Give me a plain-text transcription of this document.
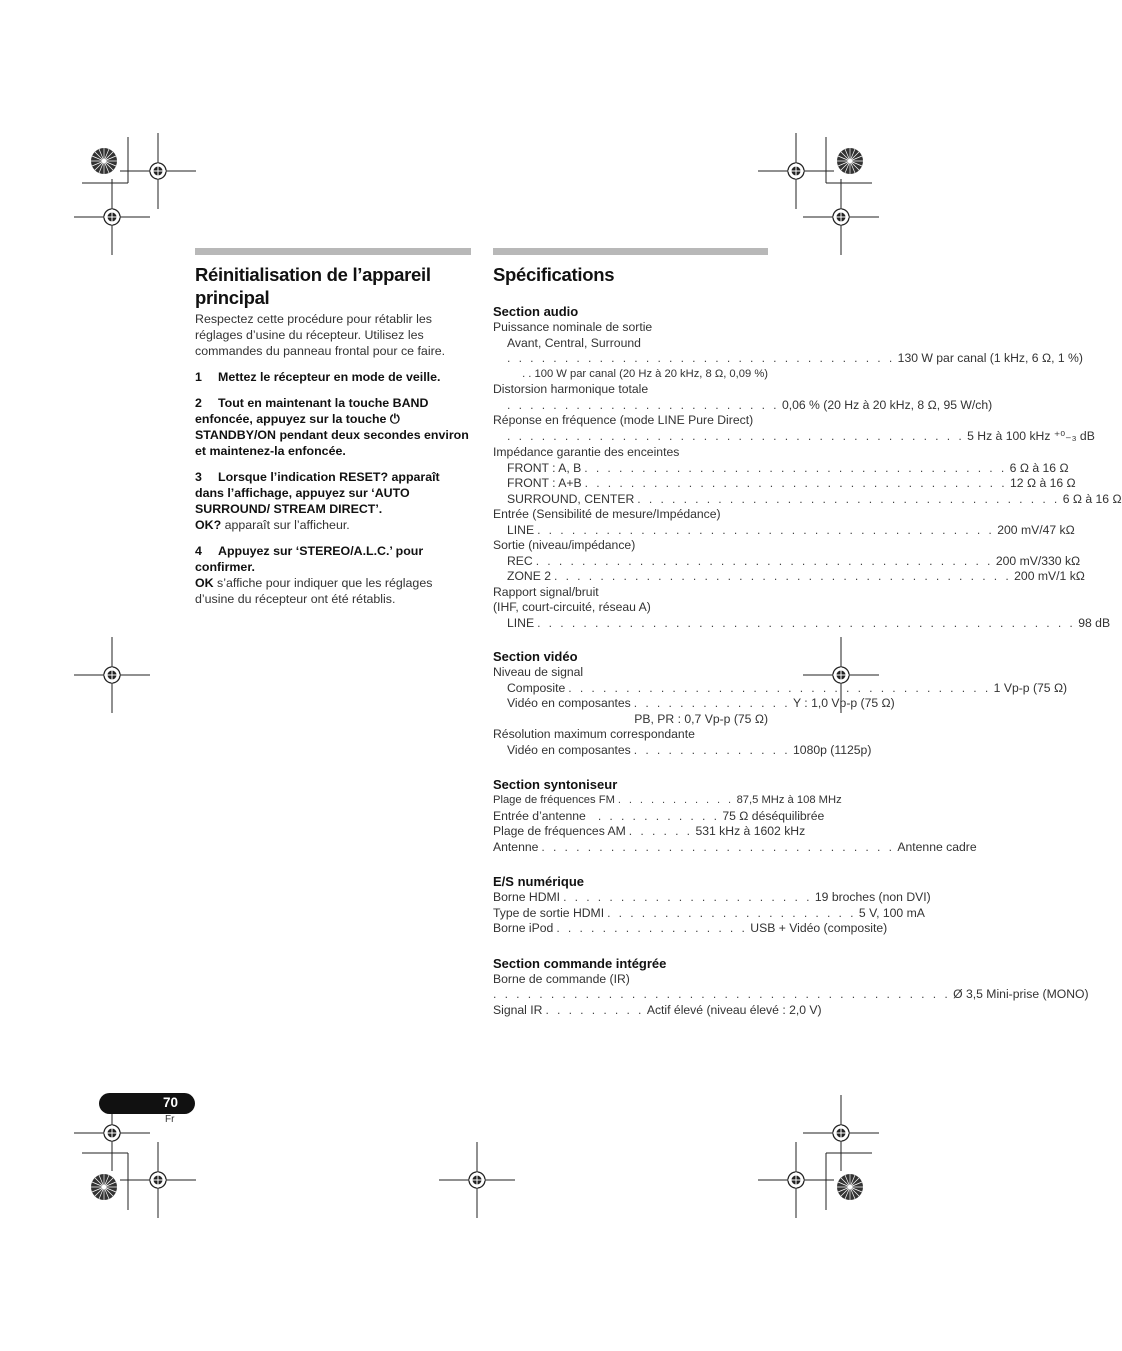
Réinitialisation de l’appareil principal

Respectez cette procédure pour rétablir les réglages d’usine du récepteur. Utilisez les commandes du panneau frontal pour ce faire.

1 Mettez le récepteur en mode de veille.

2 Tout en maintenant la touche BAND enfoncée, appuyez sur la touche ⏻ STANDBY/ON pendant deux secondes environ et maintenez-la enfoncée.

3 Lorsque l’indication RESET? apparaît dans l’affichage, appuyez sur ‘AUTO SURROUND/ STREAM DIRECT’.

OK? apparaît sur l’afficheur.

4 Appuyez sur ‘STEREO/A.L.C.’ pour confirmer.

OK s’affiche pour indiquer que les réglages d’usine du récepteur ont été rétablis.

Spécifications
Section audio
Puissance nominale de sortie
Avant, Central, Surround
. . . . . . . . . . . . . . . . . . . . . . . . . . . . . . . . . . 130 W par canal (1 kHz, 6 Ω, 1 %)
. . 100 W par canal (20 Hz à 20 kHz, 8 Ω, 0,09 %)
Distorsion harmonique totale
. . . . . . . . . . . . . . . . . . . . . . . . 0,06 % (20 Hz à 20 kHz, 8 Ω, 95 W/ch)
Réponse en fréquence (mode LINE Pure Direct)
. . . . . . . . . . . . . . . . . . . . . . . . . . . . . . . . . . . . . . . . 5 Hz à 100 kHz ⁺⁰₋₃ dB
Impédance garantie des enceintes
FRONT : A, B . . . . . . . . . . . . . . . . . . . . . . . . . . . . . . . . . . . . . 6 Ω à 16 Ω
FRONT : A+B . . . . . . . . . . . . . . . . . . . . . . . . . . . . . . . . . . . . . 12 Ω à 16 Ω
SURROUND, CENTER . . . . . . . . . . . . . . . . . . . . . . . . . . . . . . . . . . . . . 6 Ω à 16 Ω
Entrée (Sensibilité de mesure/Impédance)
LINE . . . . . . . . . . . . . . . . . . . . . . . . . . . . . . . . . . . . . . . . 200 mV/47 kΩ
Sortie (niveau/impédance)
REC . . . . . . . . . . . . . . . . . . . . . . . . . . . . . . . . . . . . . . . . 200 mV/330 kΩ
ZONE 2 . . . . . . . . . . . . . . . . . . . . . . . . . . . . . . . . . . . . . . . . 200 mV/1 kΩ
Rapport signal/bruit
(IHF, court-circuité, réseau A)
LINE . . . . . . . . . . . . . . . . . . . . . . . . . . . . . . . . . . . . . . . . . . . . . . . 98 dB
Section vidéo
Niveau de signal
Composite . . . . . . . . . . . . . . . . . . . . . . . . . . . . . . . . . . . . . 1 Vp-p (75 Ω)
Vidéo en composantes . . . . . . . . . . . . . . Y : 1,0 Vp-p (75 Ω)
PB, PR : 0,7 Vp-p (75 Ω)
Résolution maximum correspondante
Vidéo en composantes . . . . . . . . . . . . . . 1080p (1125p)
Section syntoniseur
Plage de fréquences FM . . . . . . . . . . . 87,5 MHz à 108 MHz
Entrée d’antenne . . . . . . . . . . . 75 Ω déséquilibrée
Plage de fréquences AM . . . . . . 531 kHz à 1602 kHz
Antenne . . . . . . . . . . . . . . . . . . . . . . . . . . . . . . . Antenne cadre
E/S numérique
Borne HDMI . . . . . . . . . . . . . . . . . . . . . . 19 broches (non DVI)
Type de sortie HDMI . . . . . . . . . . . . . . . . . . . . . . 5 V, 100 mA
Borne iPod . . . . . . . . . . . . . . . . . USB + Vidéo (composite)
Section commande intégrée
Borne de commande (IR)
. . . . . . . . . . . . . . . . . . . . . . . . . . . . . . . . . . . . . . . . Ø 3,5 Mini-prise (MONO)
Signal IR . . . . . . . . . Actif élevé (niveau élevé : 2,0 V)
70
Fr
